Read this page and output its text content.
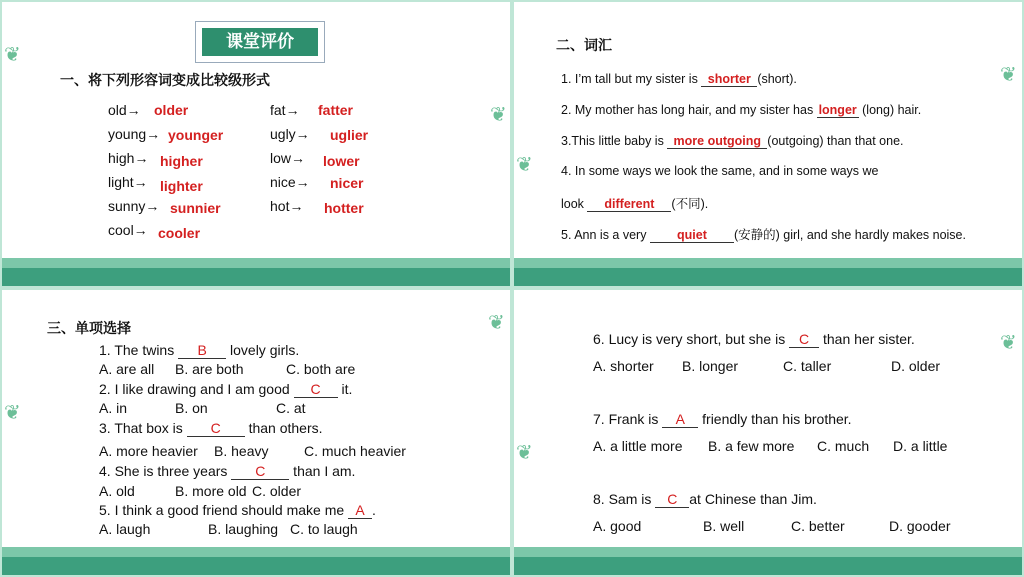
❦
❦
课堂评价
一、将下列形容词变成比较级形式
old→ older
young→ younger
high→ higher
light→ lighter
sunny→ sunnier
cool→ cooler
fat→ fatter
ugly→ uglier
low→ lower
nice→ nicer
hot→ hotter
❦
❦
二、词汇
1. I’m tall but my sister is shorter (short).
2. My mother has long hair, and my sister has longer (long) hair.
3.This little baby is more outgoing (outgoing) than that one.
4. In some ways we look the same, and in some ways we
look different (不同).
5. Ann is a very quiet (安静的) girl, and she hardly makes noise.
❦
❦
三、单项选择
1. The twins B lovely girls.
A. are all B. are both	C. both are
2. I like drawing and I am good C it.
A. in	B. on	C. at
3. That box is C than others.
A. more heavier B. heavy	C. much heavier
4. She is three years C than I am.
A. old	B. more old C. older
5. I think a good friend should make me A .
A. laugh	B. laughing C. to laugh
❦
❦
6. Lucy is very short, but she is C than her sister.
A. shorter B. longer	C. taller	D. older
7. Frank is A friendly than his brother.
A. a little more B. a few more C. much D. a little
8. Sam is C at Chinese than Jim.
A. good	B. well	C. better	D. gooder
